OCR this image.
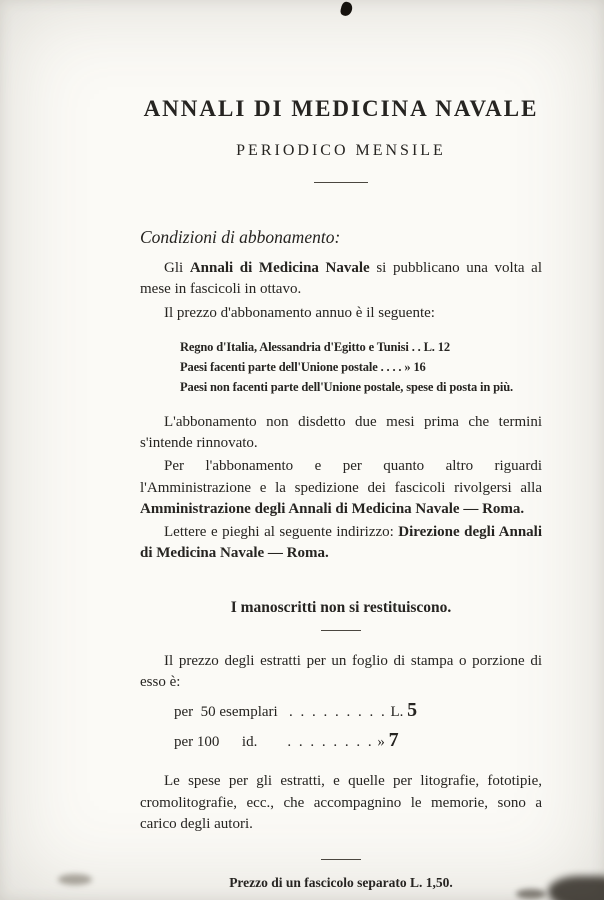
ANNALI DI MEDICINA NAVALE
PERIODICO MENSILE
Condizioni di abbonamento:

Gli Annali di Medicina Navale si pubblicano una volta al mese in fascicoli in ottavo.

Il prezzo d'abbonamento annuo è il seguente:

Regno d'Italia, Alessandria d'Egitto e Tunisi . . L. 12
Paesi facenti parte dell'Unione postale . . . . » 16
Paesi non facenti parte dell'Unione postale, spese di posta in più.

L'abbonamento non disdetto due mesi prima che termini s'intende rinnovato.

Per l'abbonamento e per quanto altro riguardi l'Amministrazione e la spedizione dei fascicoli rivolgersi alla Amministrazione degli Annali di Medicina Navale — Roma.

Lettere e pieghi al seguente indirizzo: Direzione degli Annali di Medicina Navale — Roma.

I manoscritti non si restituiscono.

Il prezzo degli estratti per un foglio di stampa o porzione di esso è:

per  50 esemplari   . . . . . . . . . L. 5
per 100      id.        . . . . . . . . » 7

Le spese per gli estratti, e quelle per litografie, fototipie, cromolitografie, ecc., che accompagnino le memorie, sono a carico degli autori.

Prezzo di un fascicolo separato L. 1,50.
